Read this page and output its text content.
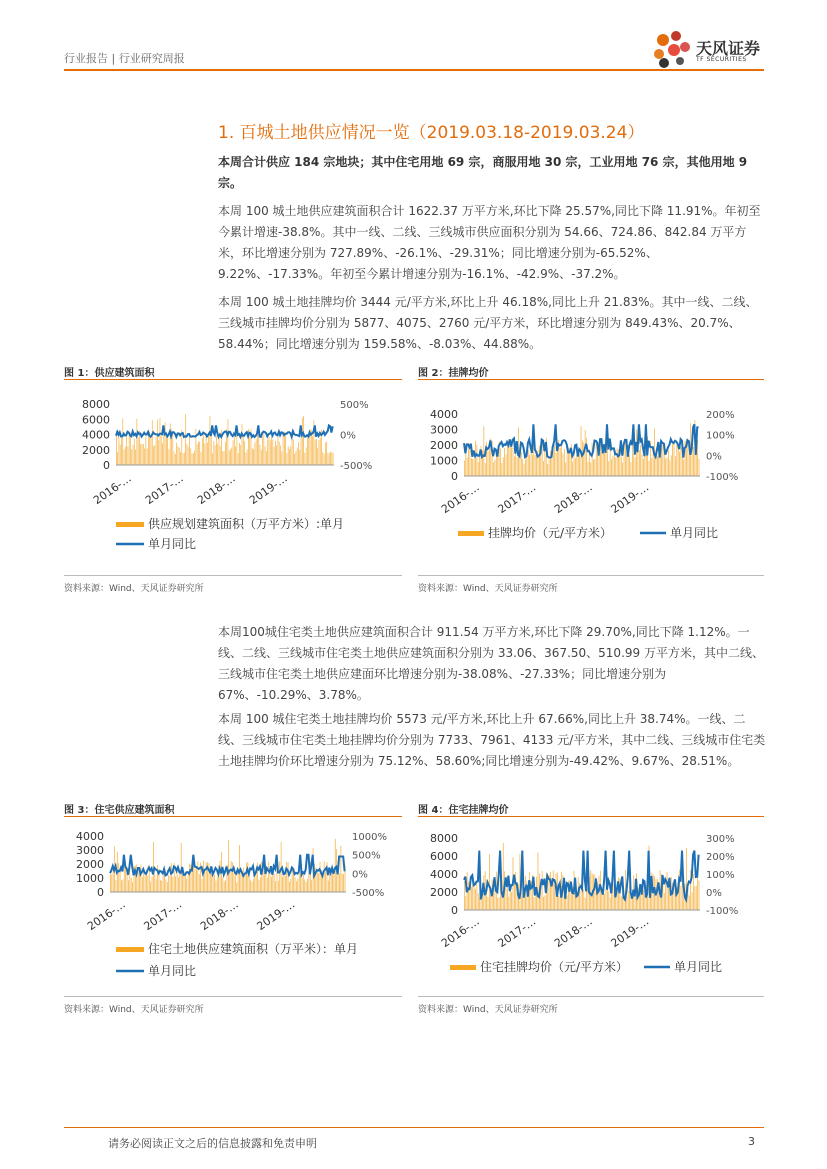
行业报告 | 行业研究周报
天风证券
TF SECURITIES
1. 百城土地供应情况一览（2019.03.18-2019.03.24）
本周合计供应 184 宗地块；其中住宅用地 69 宗，商服用地 30 宗，工业用地 76 宗，其他用地 9 宗。
本周 100 城土地供应建筑面积合计 1622.37 万平方米,环比下降 25.57%,同比下降 11.91%。年初至今累计增速-38.8%。其中一线、二线、三线城市供应面积分别为 54.66、724.86、842.84 万平方米，环比增速分别为 727.89%、-26.1%、-29.31%；同比增速分别为-65.52%、9.22%、-17.33%。年初至今累计增速分别为-16.1%、-42.9%、-37.2%。
本周 100 城土地挂牌均价 3444 元/平方米,环比上升 46.18%,同比上升 21.83%。其中一线、二线、三线城市挂牌均价分别为 5877、4075、2760 元/平方米，环比增速分别为 849.43%、20.7%、58.44%；同比增速分别为 159.58%、-8.03%、44.88%。
图 1：供应建筑面积
8000
6000
4000
2000
0
500%
0%
-500%
2016-… 2017-… 2018-… 2019-…
供应规划建筑面积（万平方米）:单月
单月同比
资料来源：Wind、天风证券研究所
图 2：挂牌均价
4000
3000
2000
1000
0
200%
100%
0%
-100%
2016-… 2017-… 2018-… 2019-…
挂牌均价（元/平方米）	单月同比
资料来源：Wind、天风证券研究所
本周100城住宅类土地供应建筑面积合计 911.54 万平方米,环比下降 29.70%,同比下降 1.12%。一线、二线、三线城市住宅类土地供应建筑面积分别为 33.06、367.50、510.99 万平方米，其中二线、三线城市住宅类土地供应建面环比增速分别为-38.08%、-27.33%；同比增速分别为 67%、-10.29%、3.78%。
本周 100 城住宅类土地挂牌均价 5573 元/平方米,环比上升 67.66%,同比上升 38.74%。一线、二线、三线城市住宅类土地挂牌均价分别为 7733、7961、4133 元/平方米，其中二线、三线城市住宅类土地挂牌均价环比增速分别为 75.12%、58.60%;同比增速分别为-49.42%、9.67%、28.51%。
图 3：住宅供应建筑面积
4000
3000
2000
1000
0
1000%
500%
0%
-500%
2016-… 2017-… 2018-… 2019-…
住宅土地供应建筑面积（万平米）：单月
单月同比
资料来源：Wind、天风证券研究所
图 4：住宅挂牌均价
8000
6000
4000
2000
0
300%
200%
100%
0%
-100%
2016-… 2017-… 2018-… 2019-…
住宅挂牌均价（元/平方米）	单月同比
资料来源：Wind、天风证券研究所
请务必阅读正文之后的信息披露和免责申明	3
